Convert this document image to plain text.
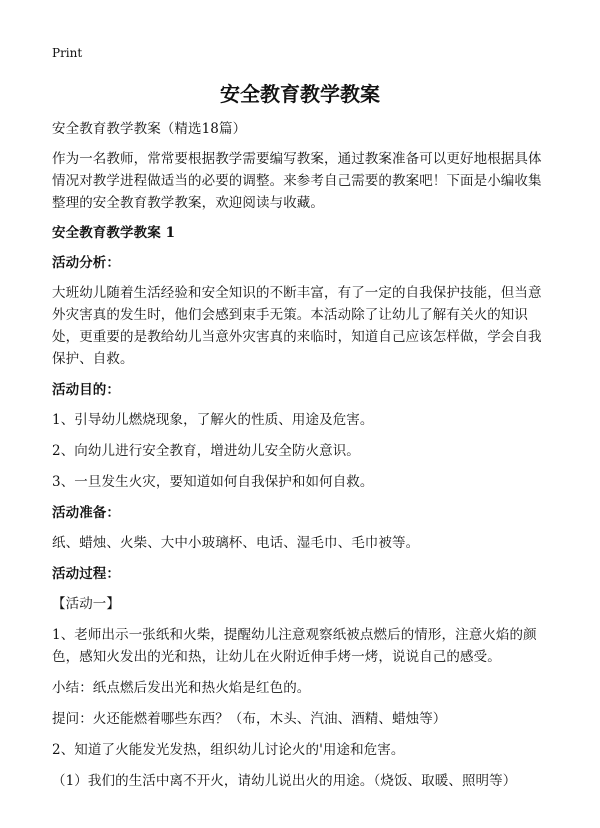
Print
安全教育教学教案

安全教育教学教案（精选18篇）

作为一名教师，常常要根据教学需要编写教案，通过教案准备可以更好地根据具体情况对教学进程做适当的必要的调整。来参考自己需要的教案吧！下面是小编收集整理的安全教育教学教案，欢迎阅读与收藏。

安全教育教学教案 1

活动分析：

大班幼儿随着生活经验和安全知识的不断丰富，有了一定的自我保护技能，但当意外灾害真的发生时，他们会感到束手无策。本活动除了让幼儿了解有关火的知识处，更重要的是教给幼儿当意外灾害真的来临时，知道自己应该怎样做，学会自我保护、自救。

活动目的：

1、引导幼儿燃烧现象，了解火的性质、用途及危害。

2、向幼儿进行安全教育，增进幼儿安全防火意识。

3、一旦发生火灾，要知道如何自我保护和如何自救。

活动准备：

纸、蜡烛、火柴、大中小玻璃杯、电话、湿毛巾、毛巾被等。

活动过程：

【活动一】

1、老师出示一张纸和火柴，提醒幼儿注意观察纸被点燃后的情形，注意火焰的颜色，感知火发出的光和热，让幼儿在火附近伸手烤一烤，说说自己的感受。

小结：纸点燃后发出光和热火焰是红色的。

提问：火还能燃着哪些东西？（布，木头、汽油、酒精、蜡烛等）

2、知道了火能发光发热，组织幼儿讨论火的'用途和危害。

（1）我们的生活中离不开火，请幼儿说出火的用途。（烧饭、取暖、照明等）
